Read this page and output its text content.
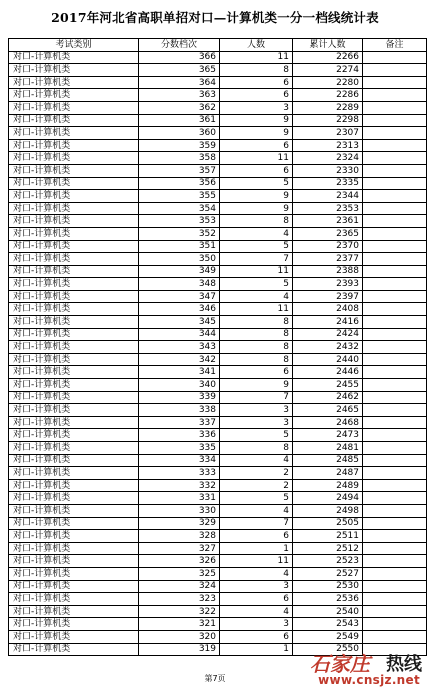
2017年河北省高职单招对口—计算机类一分一档线统计表
考试类别	分数档次	人数	累计人数	备注
对口-计算机类	366	11	2266	
对口-计算机类	365	8	2274	
对口-计算机类	364	6	2280	
对口-计算机类	363	6	2286	
对口-计算机类	362	3	2289	
对口-计算机类	361	9	2298	
对口-计算机类	360	9	2307	
对口-计算机类	359	6	2313	
对口-计算机类	358	11	2324	
对口-计算机类	357	6	2330	
对口-计算机类	356	5	2335	
对口-计算机类	355	9	2344	
对口-计算机类	354	9	2353	
对口-计算机类	353	8	2361	
对口-计算机类	352	4	2365	
对口-计算机类	351	5	2370	
对口-计算机类	350	7	2377	
对口-计算机类	349	11	2388	
对口-计算机类	348	5	2393	
对口-计算机类	347	4	2397	
对口-计算机类	346	11	2408	
对口-计算机类	345	8	2416	
对口-计算机类	344	8	2424	
对口-计算机类	343	8	2432	
对口-计算机类	342	8	2440	
对口-计算机类	341	6	2446	
对口-计算机类	340	9	2455	
对口-计算机类	339	7	2462	
对口-计算机类	338	3	2465	
对口-计算机类	337	3	2468	
对口-计算机类	336	5	2473	
对口-计算机类	335	8	2481	
对口-计算机类	334	4	2485	
对口-计算机类	333	2	2487	
对口-计算机类	332	2	2489	
对口-计算机类	331	5	2494	
对口-计算机类	330	4	2498	
对口-计算机类	329	7	2505	
对口-计算机类	328	6	2511	
对口-计算机类	327	1	2512	
对口-计算机类	326	11	2523	
对口-计算机类	325	4	2527	
对口-计算机类	324	3	2530	
对口-计算机类	323	6	2536	
对口-计算机类	322	4	2540	
对口-计算机类	321	3	2543	
对口-计算机类	320	6	2549	
对口-计算机类	319	1	2550	
第7页
石家庄 热线
www.cnsjz.net
